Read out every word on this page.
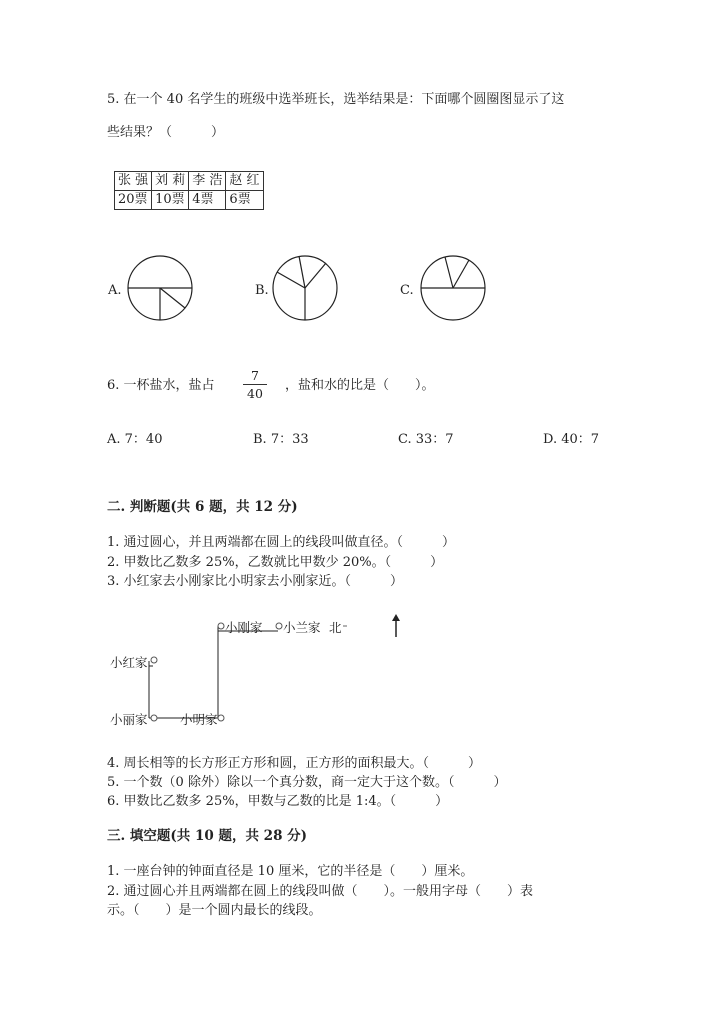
5. 在一个 40 名学生的班级中选举班长，选举结果是：下面哪个圆圈图显示了这
些结果？（　　　）
张 强	刘 莉	李 浩	赵 红
20票	10票	4票	6票
A.	B.	C.
6. 一杯盐水，盐占
7
40
，盐和水的比是（　　）。
A. 7：40	B. 7：33	C. 33：7	D. 40：7
二. 判断题(共 6 题，共 12 分)
1. 通过圆心，并且两端都在圆上的线段叫做直径。（　　　）
2. 甲数比乙数多 25%，乙数就比甲数少 20%。（　　　）
3. 小红家去小刚家比小明家去小刚家近。（　　　）
小刚家 小兰家 北
小红家
小丽家	小明家
4. 周长相等的长方形正方形和圆，正方形的面积最大。（　　　）
5. 一个数（0 除外）除以一个真分数，商一定大于这个数。（　　　）
6. 甲数比乙数多 25%，甲数与乙数的比是 1:4。（　　　）
三. 填空题(共 10 题，共 28 分)
1. 一座台钟的钟面直径是 10 厘米，它的半径是（　　）厘米。
2. 通过圆心并且两端都在圆上的线段叫做（　　）。一般用字母（　　）表
示。（　　）是一个圆内最长的线段。
